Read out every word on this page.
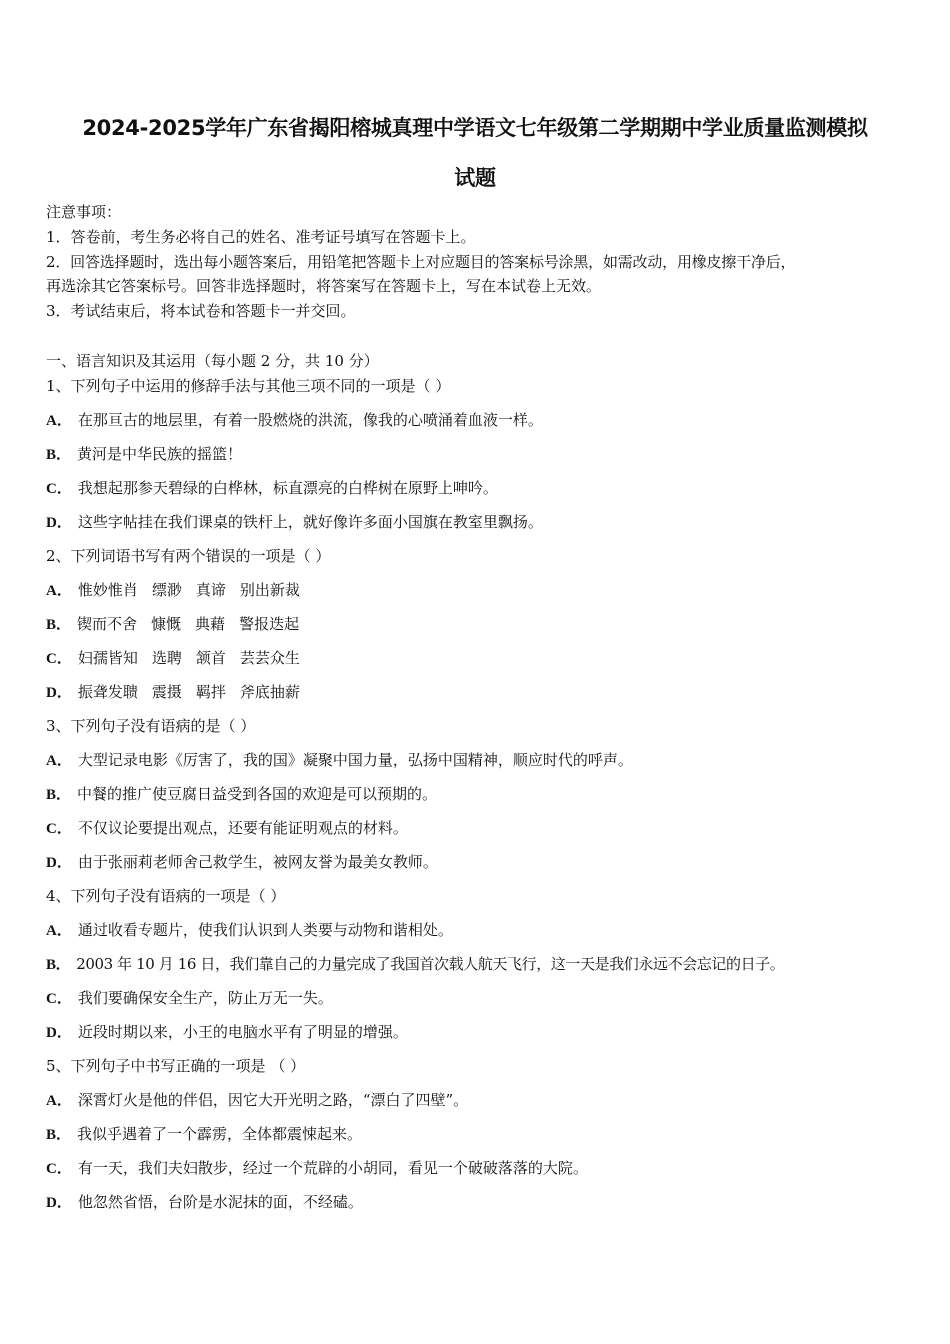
2024-2025学年广东省揭阳榕城真理中学语文七年级第二学期期中学业质量监测模拟
试题
注意事项：
1．答卷前，考生务必将自己的姓名、准考证号填写在答题卡上。
2．回答选择题时，选出每小题答案后，用铅笔把答题卡上对应题目的答案标号涂黑，如需改动，用橡皮擦干净后，
再选涂其它答案标号。回答非选择题时，将答案写在答题卡上，写在本试卷上无效。
3．考试结束后，将本试卷和答题卡一并交回。
一、语言知识及其运用（每小题 2 分，共 10 分）
1、下列句子中运用的修辞手法与其他三项不同的一项是（ ）
A． 在那亘古的地层里，有着一股燃烧的洪流，像我的心喷涌着血液一样。
B． 黄河是中华民族的摇篮！
C． 我想起那参天碧绿的白桦林，标直漂亮的白桦树在原野上呻吟。
D． 这些字帖挂在我们课桌的铁杆上，就好像许多面小国旗在教室里飘扬。
2、下列词语书写有两个错误的一项是（ ）
A． 惟妙惟肖 缥渺 真谛 别出新裁
B． 锲而不舍 慷慨 典藉 警报迭起
C． 妇孺皆知 选聘 颔首 芸芸众生
D． 振聋发聩 震摄 羁拌 斧底抽薪
3、下列句子没有语病的是（ ）
A． 大型记录电影《厉害了，我的国》凝聚中国力量，弘扬中国精神，顺应时代的呼声。
B． 中餐的推广使豆腐日益受到各国的欢迎是可以预期的。
C． 不仅议论要提出观点，还要有能证明观点的材料。
D． 由于张丽莉老师舍己救学生，被网友誉为最美女教师。
4、下列句子没有语病的一项是（ ）
A． 通过收看专题片，使我们认识到人类要与动物和谐相处。
B． 2003 年 10 月 16 日，我们靠自己的力量完成了我国首次载人航天飞行，这一天是我们永远不会忘记的日子。
C． 我们要确保安全生产，防止万无一失。
D． 近段时期以来，小王的电脑水平有了明显的增强。
5、下列句子中书写正确的一项是 （ ）
A． 深霄灯火是他的伴侣，因它大开光明之路，“漂白了四壁”。
B． 我似乎遇着了一个霹雳，全体都震悚起来。
C． 有一天，我们夫妇散步，经过一个荒辟的小胡同，看见一个破破落落的大院。
D． 他忽然省悟，台阶是水泥抹的面，不经磕。
